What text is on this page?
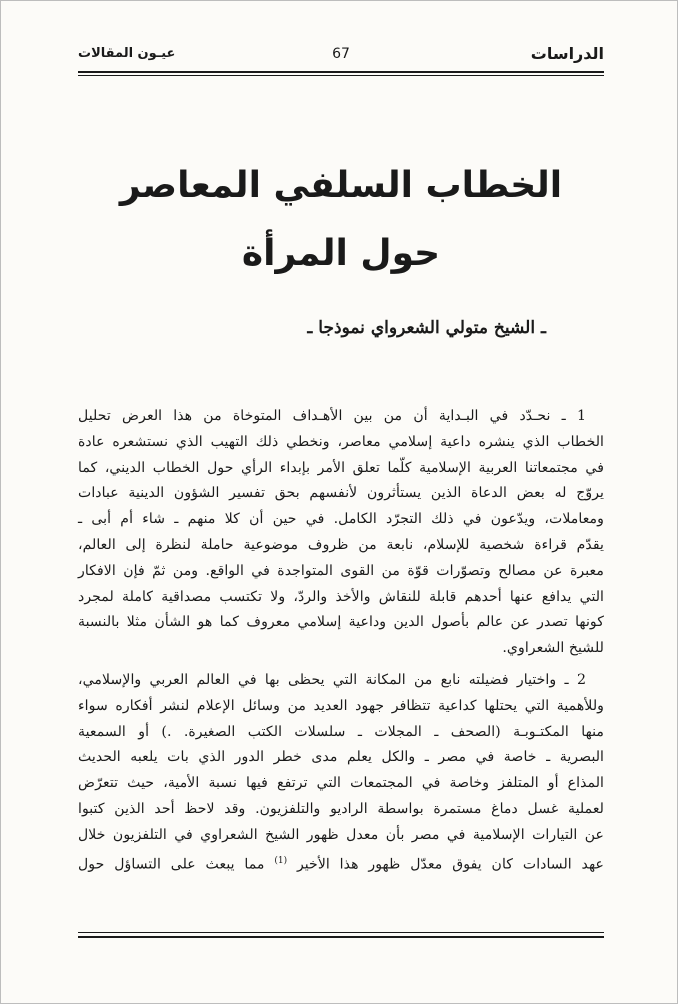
الدراسات
67
عيـون المقالات
الخطاب السلفي المعاصر
حول المرأة
ـ الشيخ متولي الشعرواي نموذجا ـ

1 ـ نحـدّد في البـداية أن من بين الأهـداف المتوخاة من هذا العرض تحليل
الخطاب الذي ينشره داعية إسلامي معاصر، ونخطي ذلك التهيب الذي نستشعره عادة
في مجتمعاتنا العربية الإسلامية كلّما تعلق الأمر بإبداء الرأي حول الخطاب الديني، كما
يروّج له بعض الدعاة الذين يستأثرون لأنفسهم بحق تفسير الشؤون الدينية عبادات
ومعاملات، ويدّعون في ذلك التجرّد الكامل. في حين أن كلا منهم ـ شاء أم أبى ـ
يقدّم قراءة شخصية للإسلام، نابعة من ظروف موضوعية حاملة لنظرة إلى العالم،
معبرة عن مصالح وتصوّرات قوّة من القوى المتواجدة في الواقع. ومن ثمّ فإن الافكار
التي يدافع عنها أحدهم قابلة للنقاش والأخذ والردّ، ولا تكتسب مصداقية كاملة لمجرد
كونها تصدر عن عالم بأصول الدين وداعية إسلامي معروف كما هو الشأن مثلا بالنسبة
للشيخ الشعراوي.

2 ـ واختيار فضيلته نابع من المكانة التي يحظى بها في العالم العربي والإسلامي،
وللأهمية التي يحتلها كداعية تتظافر جهود العديد من وسائل الإعلام لنشر أفكاره سواء
منها المكتـوبـة (الصحف ـ المجلات ـ سلسلات الكتب الصغيرة. .) أو السمعية
البصرية ـ خاصة في مصر ـ والكل يعلم مدى خطر الدور الذي بات يلعبه الحديث
المذاع أو المتلفز وخاصة في المجتمعات التي ترتفع فيها نسبة الأمية، حيث تتعرّض
لعملية غسل دماغ مستمرة بواسطة الراديو والتلفزيون. وقد لاحظ أحد الذين كتبوا
عن التيارات الإسلامية في مصر بأن معدل ظهور الشيخ الشعراوي في التلفزيون خلال
عهد السادات كان يفوق معدّل ظهور هذا الأخير $^{(1)}$ مما يبعث على التساؤل حول
